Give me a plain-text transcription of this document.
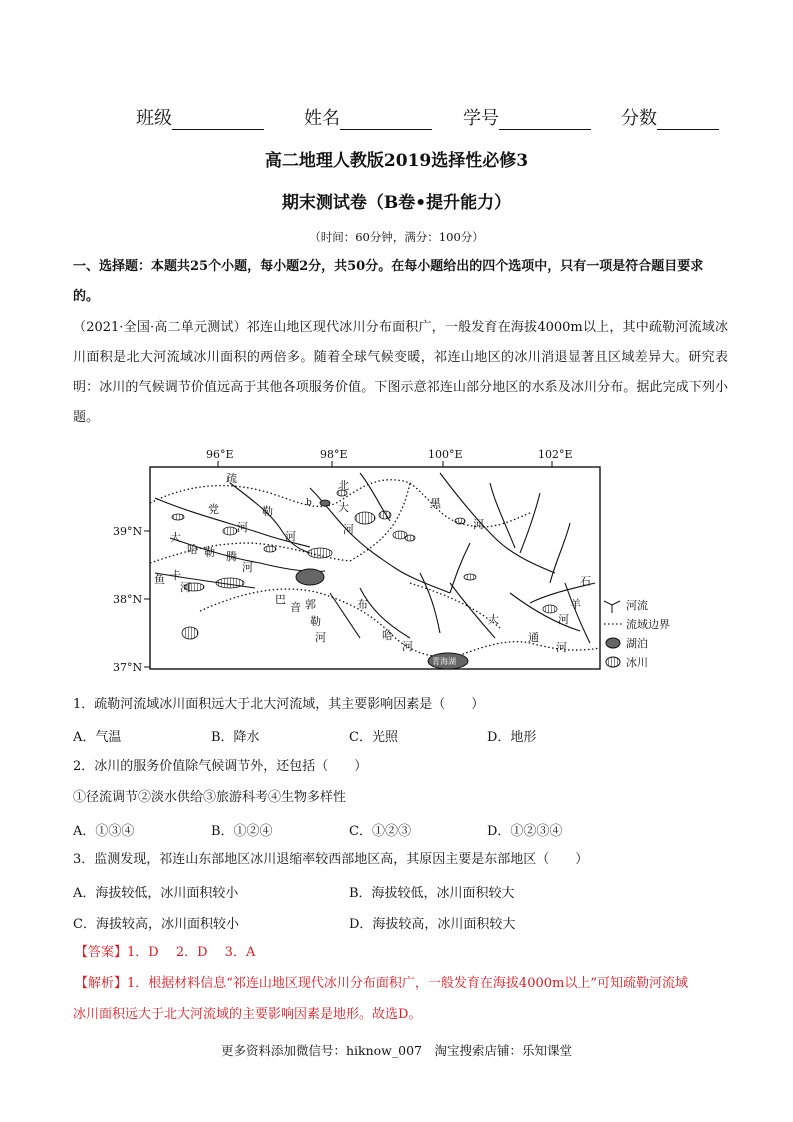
班级	姓名	学号	分数
高二地理人教版2019选择性必修3
期末测试卷（B卷•提升能力）
（时间：60分钟，满分：100分）
一、选择题：本题共25个小题，每小题2分，共50分。在每小题给出的四个选项中，只有一项是符合题目要求的。
（2021·全国·高二单元测试）祁连山地区现代冰川分布面积广，一般发育在海拔4000m以上，其中疏勒河流域冰川面积是北大河流域冰川面积的两倍多。随着全球气候变暖，祁连山地区的冰川消退显著且区域差异大。研究表明：冰川的气候调节价值远高于其他各项服务价值。下图示意祁连山部分地区的水系及冰川分布。据此完成下列小题。
96°E	98°E	100°E	102°E
39°N
38°N
37°N
疏
勒
河
党
河
北
大
河
黑
河
大
哈 勒 腾
河
鱼 卡
河
巴
音 郭
勒
河
布
哈
河
青海湖
大
通
河
石
羊
河
b
河流
流域边界
湖泊
冰川
1．疏勒河流域冰川面积远大于北大河流域，其主要影响因素是（　　）
A．气温	B．降水	C．光照	D．地形
2．冰川的服务价值除气候调节外，还包括（　　）
①径流调节②淡水供给③旅游科考④生物多样性
A．①③④	B．①②④	C．①②③	D．①②③④
3．监测发现，祁连山东部地区冰川退缩率较西部地区高，其原因主要是东部地区（　　）
A．海拔较低，冰川面积较小	B．海拔较低，冰川面积较大
C．海拔较高，冰川面积较小	D．海拔较高，冰川面积较大
【答案】1．D　 2．D　 3．A
【解析】1．根据材料信息“祁连山地区现代冰川分布面积广，一般发育在海拔4000m以上”可知疏勒河流域
冰川面积远大于北大河流域的主要影响因素是地形。故选D。
更多资料添加微信号：hiknow_007　淘宝搜索店铺：乐知课堂
